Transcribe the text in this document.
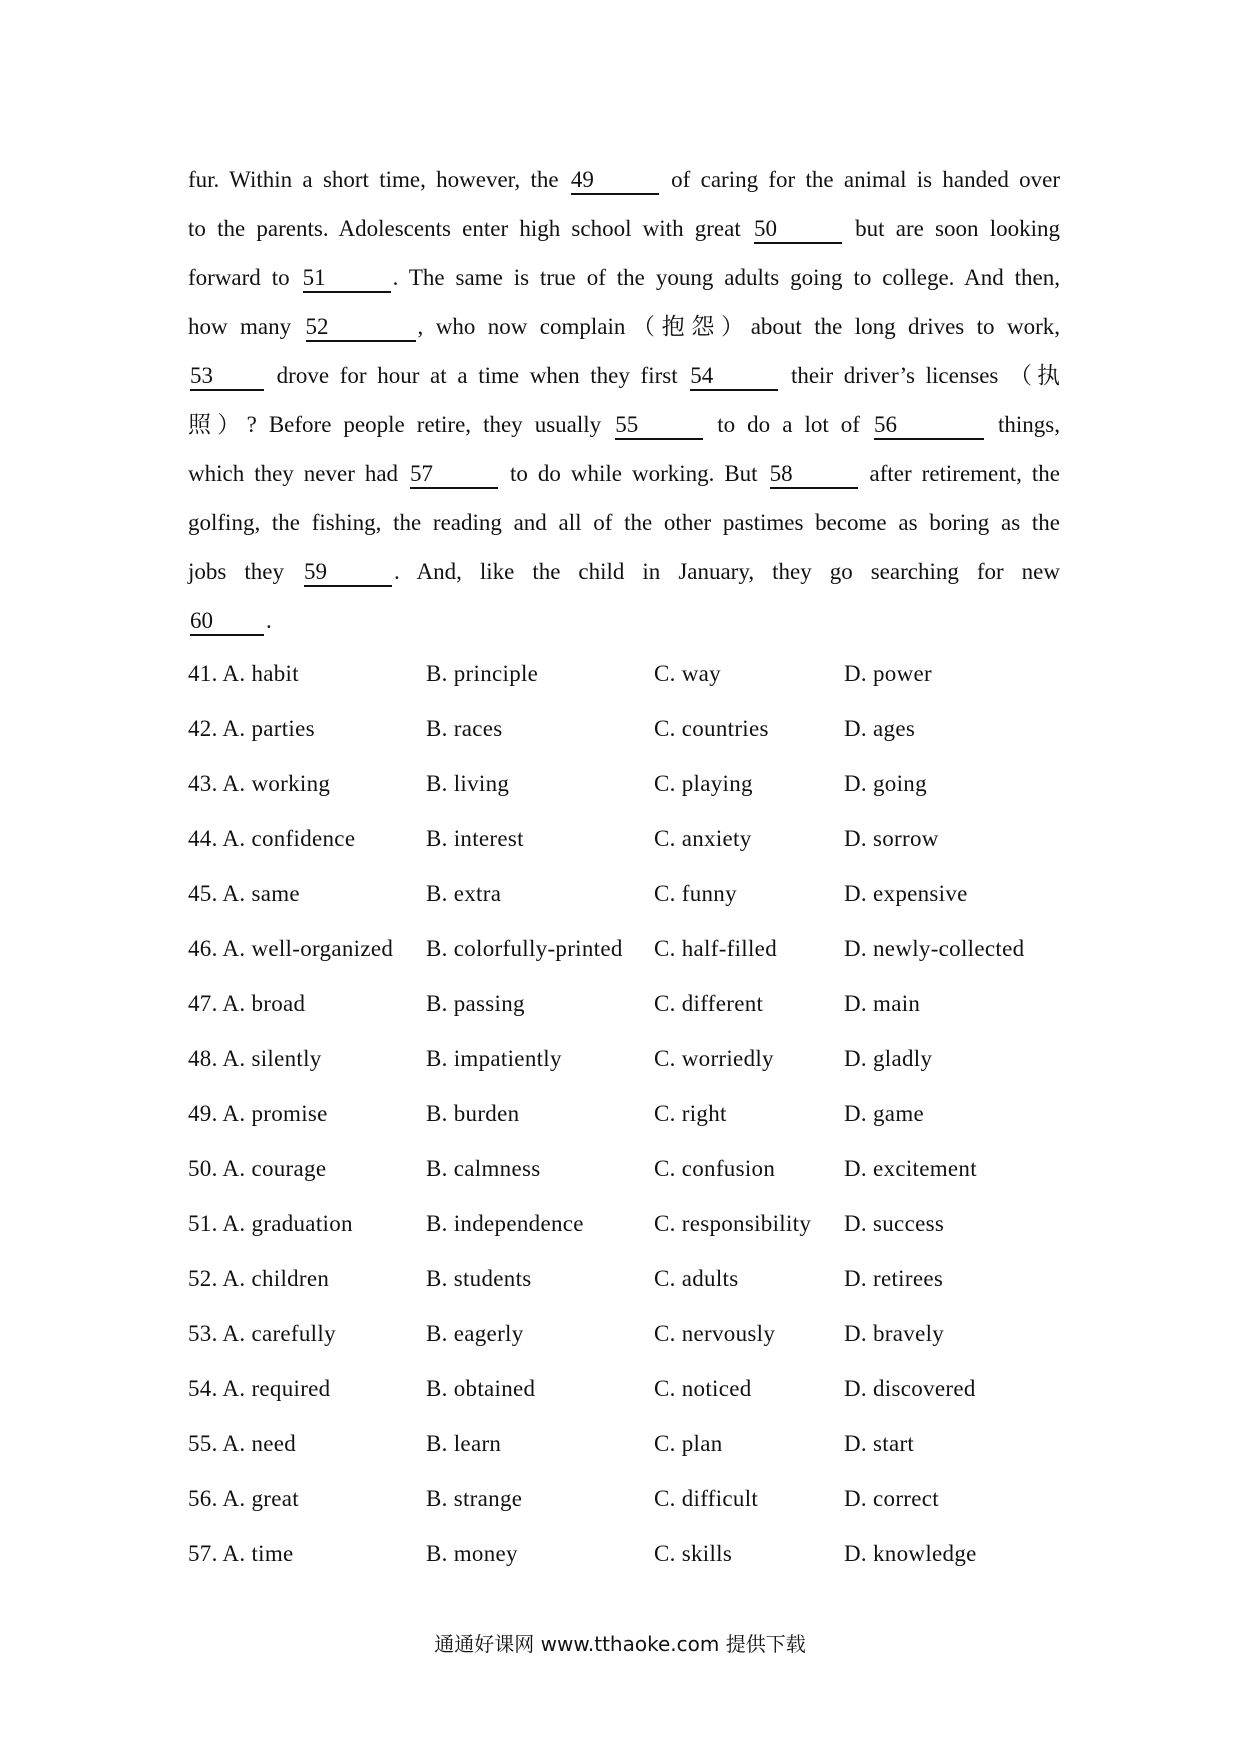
fur. Within a short time, however, the 49	of caring for the animal is handed over
to the parents. Adolescents enter high school with great 50	but are soon looking
forward to 51	. The same is true of the young adults going to college. And then,
how many 52	, who now complain（抱怨）about the long drives to work,
53 drove for hour at a time when they first 54	their driver’s licenses （执
照）? Before people retire, they usually 55	to do a lot of 56	things,
which they never had 57	to do while working. But 58	after retirement, the
golfing, the fishing, the reading and all of the other pastimes become as boring as the
jobs they 59	. And, like the child in January, they go searching for new
60 .
41. A. habit	B. principle	C. way	D. power
42. A. parties	B. races	C. countries	D. ages
43. A. working	B. living	C. playing	D. going
44. A. confidence	B. interest	C. anxiety	D. sorrow
45. A. same	B. extra	C. funny	D. expensive
46. A. well-organized B. colorfully-printed C. half-filled	D. newly-collected
47. A. broad	B. passing	C. different	D. main
48. A. silently	B. impatiently	C. worriedly	D. gladly
49. A. promise	B. burden	C. right	D. game
50. A. courage	B. calmness	C. confusion	D. excitement
51. A. graduation	B. independence	C. responsibility D. success
52. A. children	B. students	C. adults	D. retirees
53. A. carefully	B. eagerly	C. nervously	D. bravely
54. A. required	B. obtained	C. noticed	D. discovered
55. A. need	B. learn	C. plan	D. start
56. A. great	B. strange	C. difficult	D. correct
57. A. time	B. money	C. skills	D. knowledge
通通好课网 www.tthaoke.com 提供下载
